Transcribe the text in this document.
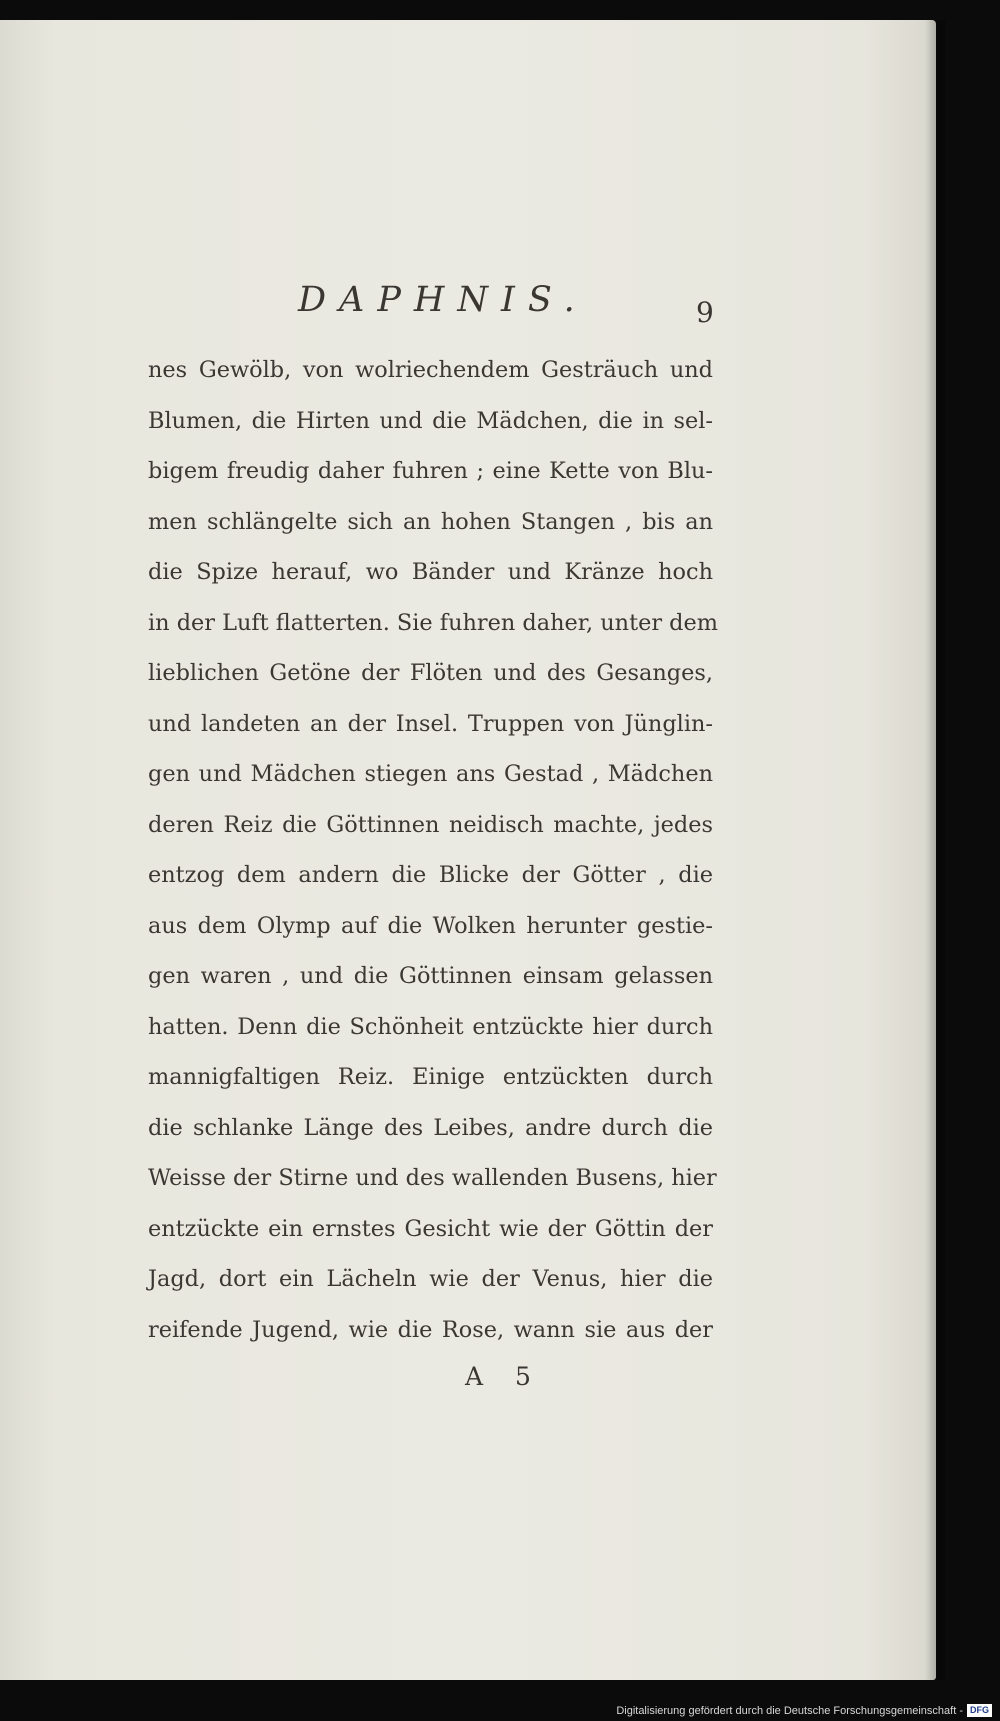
DAPHNIS.	9
nes Gewölb, von wolriechendem Gesträuch und
Blumen, die Hirten und die Mädchen, die in sel-
bigem freudig daher fuhren ; eine Kette von Blu-
men schlängelte sich an hohen Stangen , bis an
die Spize herauf, wo Bänder und Kränze hoch
in der Luft flatterten. Sie fuhren daher, unter dem
lieblichen Getöne der Flöten und des Gesanges,
und landeten an der Insel. Truppen von Jünglin-
gen und Mädchen stiegen ans Gestad , Mädchen
deren Reiz die Göttinnen neidisch machte, jedes
entzog dem andern die Blicke der Götter , die
aus dem Olymp auf die Wolken herunter gestie-
gen waren , und die Göttinnen einsam gelassen
hatten. Denn die Schönheit entzückte hier durch
mannigfaltigen Reiz. Einige entzückten durch
die schlanke Länge des Leibes, andre durch die
Weisse der Stirne und des wallenden Busens, hier
entzückte ein ernstes Gesicht wie der Göttin der
Jagd, dort ein Lächeln wie der Venus, hier die
reifende Jugend, wie die Rose, wann sie aus der
A 5
Digitalisierung gefördert durch die Deutsche Forschungsgemeinschaft - DFG
